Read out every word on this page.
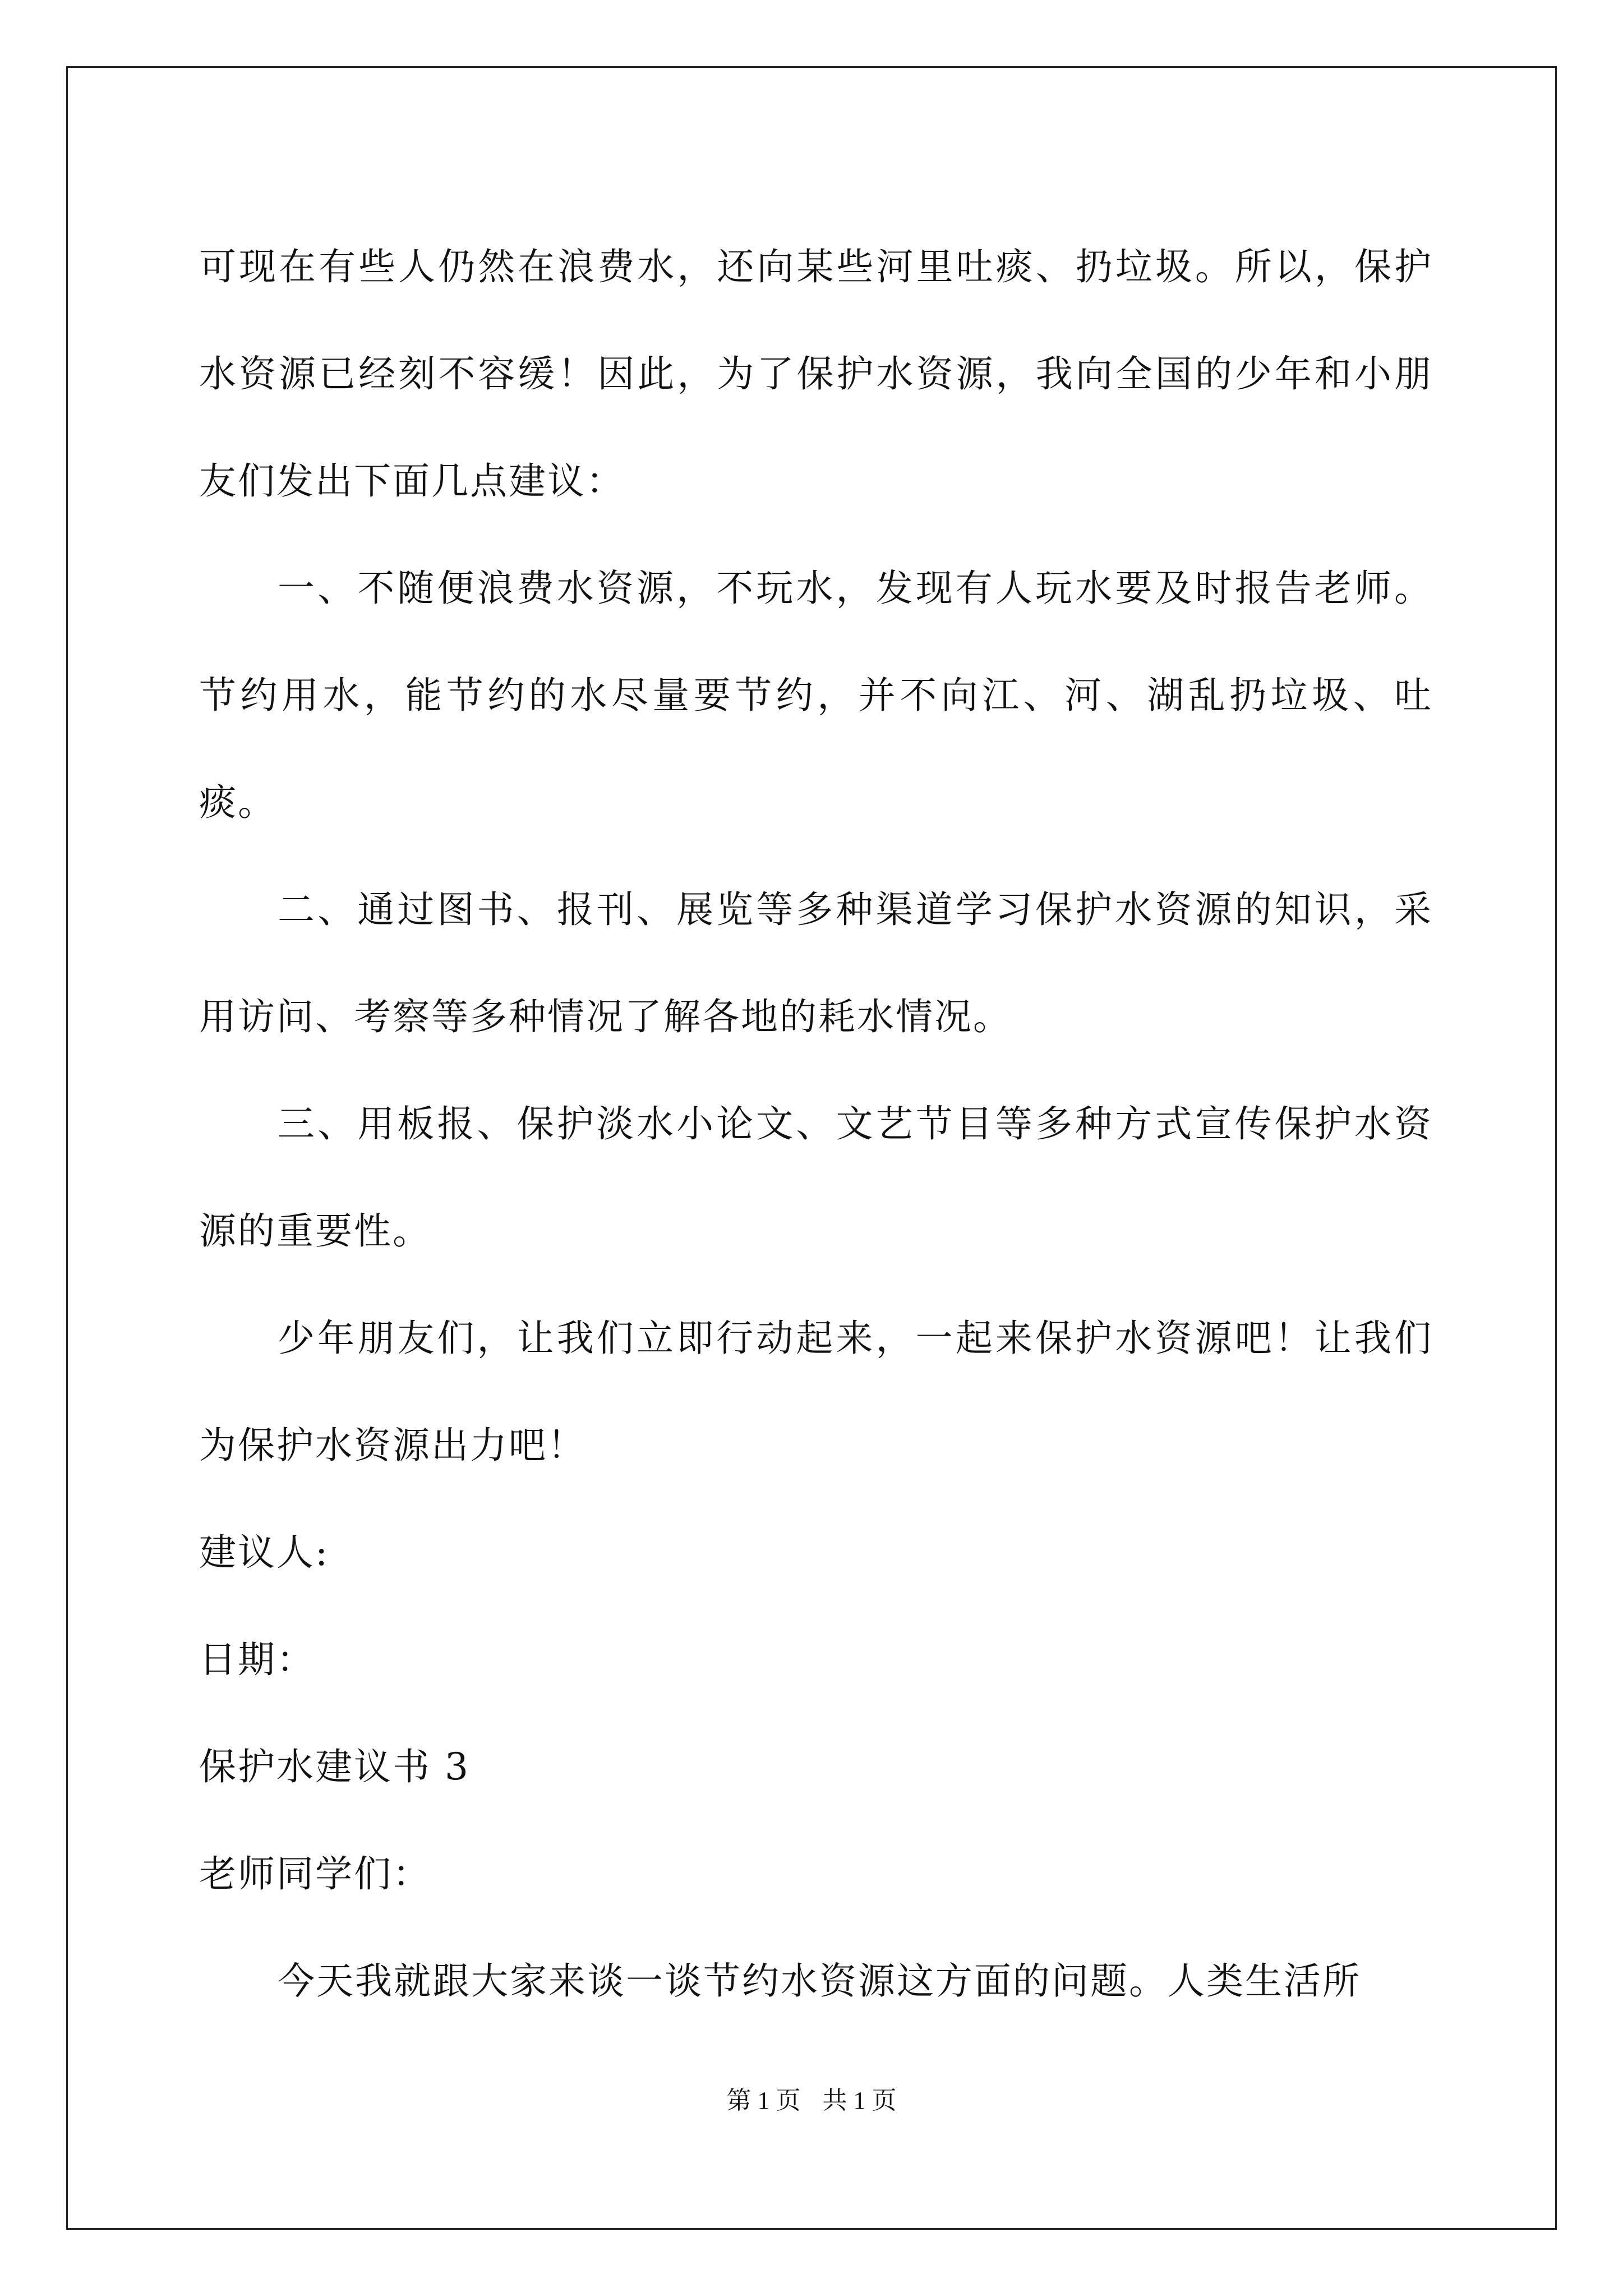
可现在有些人仍然在浪费水，还向某些河里吐痰、扔垃圾。所以，保护水资源已经刻不容缓！因此，为了保护水资源，我向全国的少年和小朋友们发出下面几点建议：

一、不随便浪费水资源，不玩水，发现有人玩水要及时报告老师。节约用水，能节约的水尽量要节约，并不向江、河、湖乱扔垃圾、吐痰。

二、通过图书、报刊、展览等多种渠道学习保护水资源的知识，采用访问、考察等多种情况了解各地的耗水情况。

三、用板报、保护淡水小论文、文艺节目等多种方式宣传保护水资源的重要性。

少年朋友们，让我们立即行动起来，一起来保护水资源吧！让我们为保护水资源出力吧！

建议人:

日期：

保护水建议书 3

老师同学们：

今天我就跟大家来谈一谈节约水资源这方面的问题。人类生活所

第 1 页 共 1 页
